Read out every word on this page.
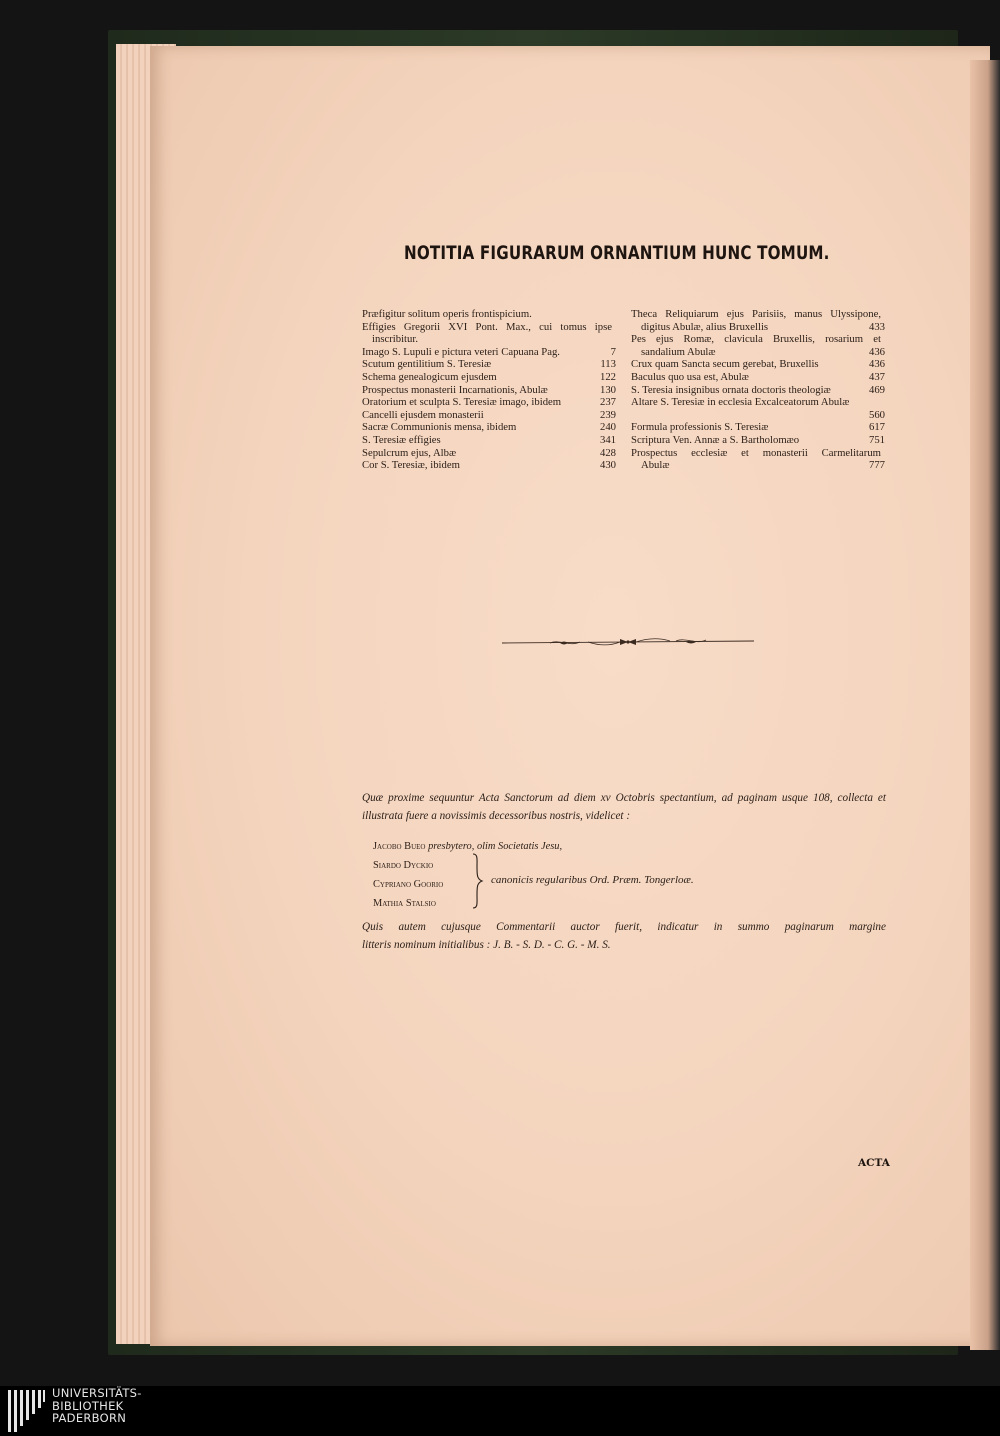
NOTITIA FIGURARUM ORNANTIUM HUNC TOMUM.
Præfigitur solitum operis frontispicium.
Effigies Gregorii XVI Pont. Max., cui tomus ipse
inscribitur.
Imago S. Lupuli e pictura veteri Capuana Pag.	7
Scutum gentilitium S. Teresiæ	113
Schema genealogicum ejusdem	122
Prospectus monasterii Incarnationis, Abulæ	130
Oratorium et sculpta S. Teresiæ imago, ibidem	237
Cancelli ejusdem monasterii	239
Sacræ Communionis mensa, ibidem	240
S. Teresiæ effigies	341
Sepulcrum ejus, Albæ	428
Cor S. Teresiæ, ibidem	430
Theca Reliquiarum ejus Parisiis, manus Ulyssipone,
digitus Abulæ, alius Bruxellis	433
Pes ejus Romæ, clavicula Bruxellis, rosarium et
sandalium Abulæ	436
Crux quam Sancta secum gerebat, Bruxellis	436
Baculus quo usa est, Abulæ	437
S. Teresia insignibus ornata doctoris theologiæ	469
Altare S. Teresiæ in ecclesia Excalceatorum Abulæ
560
Formula professionis S. Teresiæ	617
Scriptura Ven. Annæ a S. Bartholomæo	751
Prospectus ecclesiæ et monasterii Carmelitarum
Abulæ	777
Quæ proxime sequuntur Acta Sanctorum ad diem xv Octobris spectantium, ad paginam usque 108, collecta et illustrata fuere a novissimis decessoribus nostris, videlicet :
Jacobo Bueo presbytero, olim Societatis Jesu,
Siardo Dyckio
Cypriano Goorio
Mathia Stalsio
canonicis regularibus Ord. Præm. Tongerloæ.
Quis autem cujusque Commentarii auctor fuerit, indicatur in summo paginarum margine
litteris nominum initialibus : J. B. - S. D. - C. G. - M. S.
ACTA
UNIVERSITÄTS-
BIBLIOTHEK
PADERBORN
